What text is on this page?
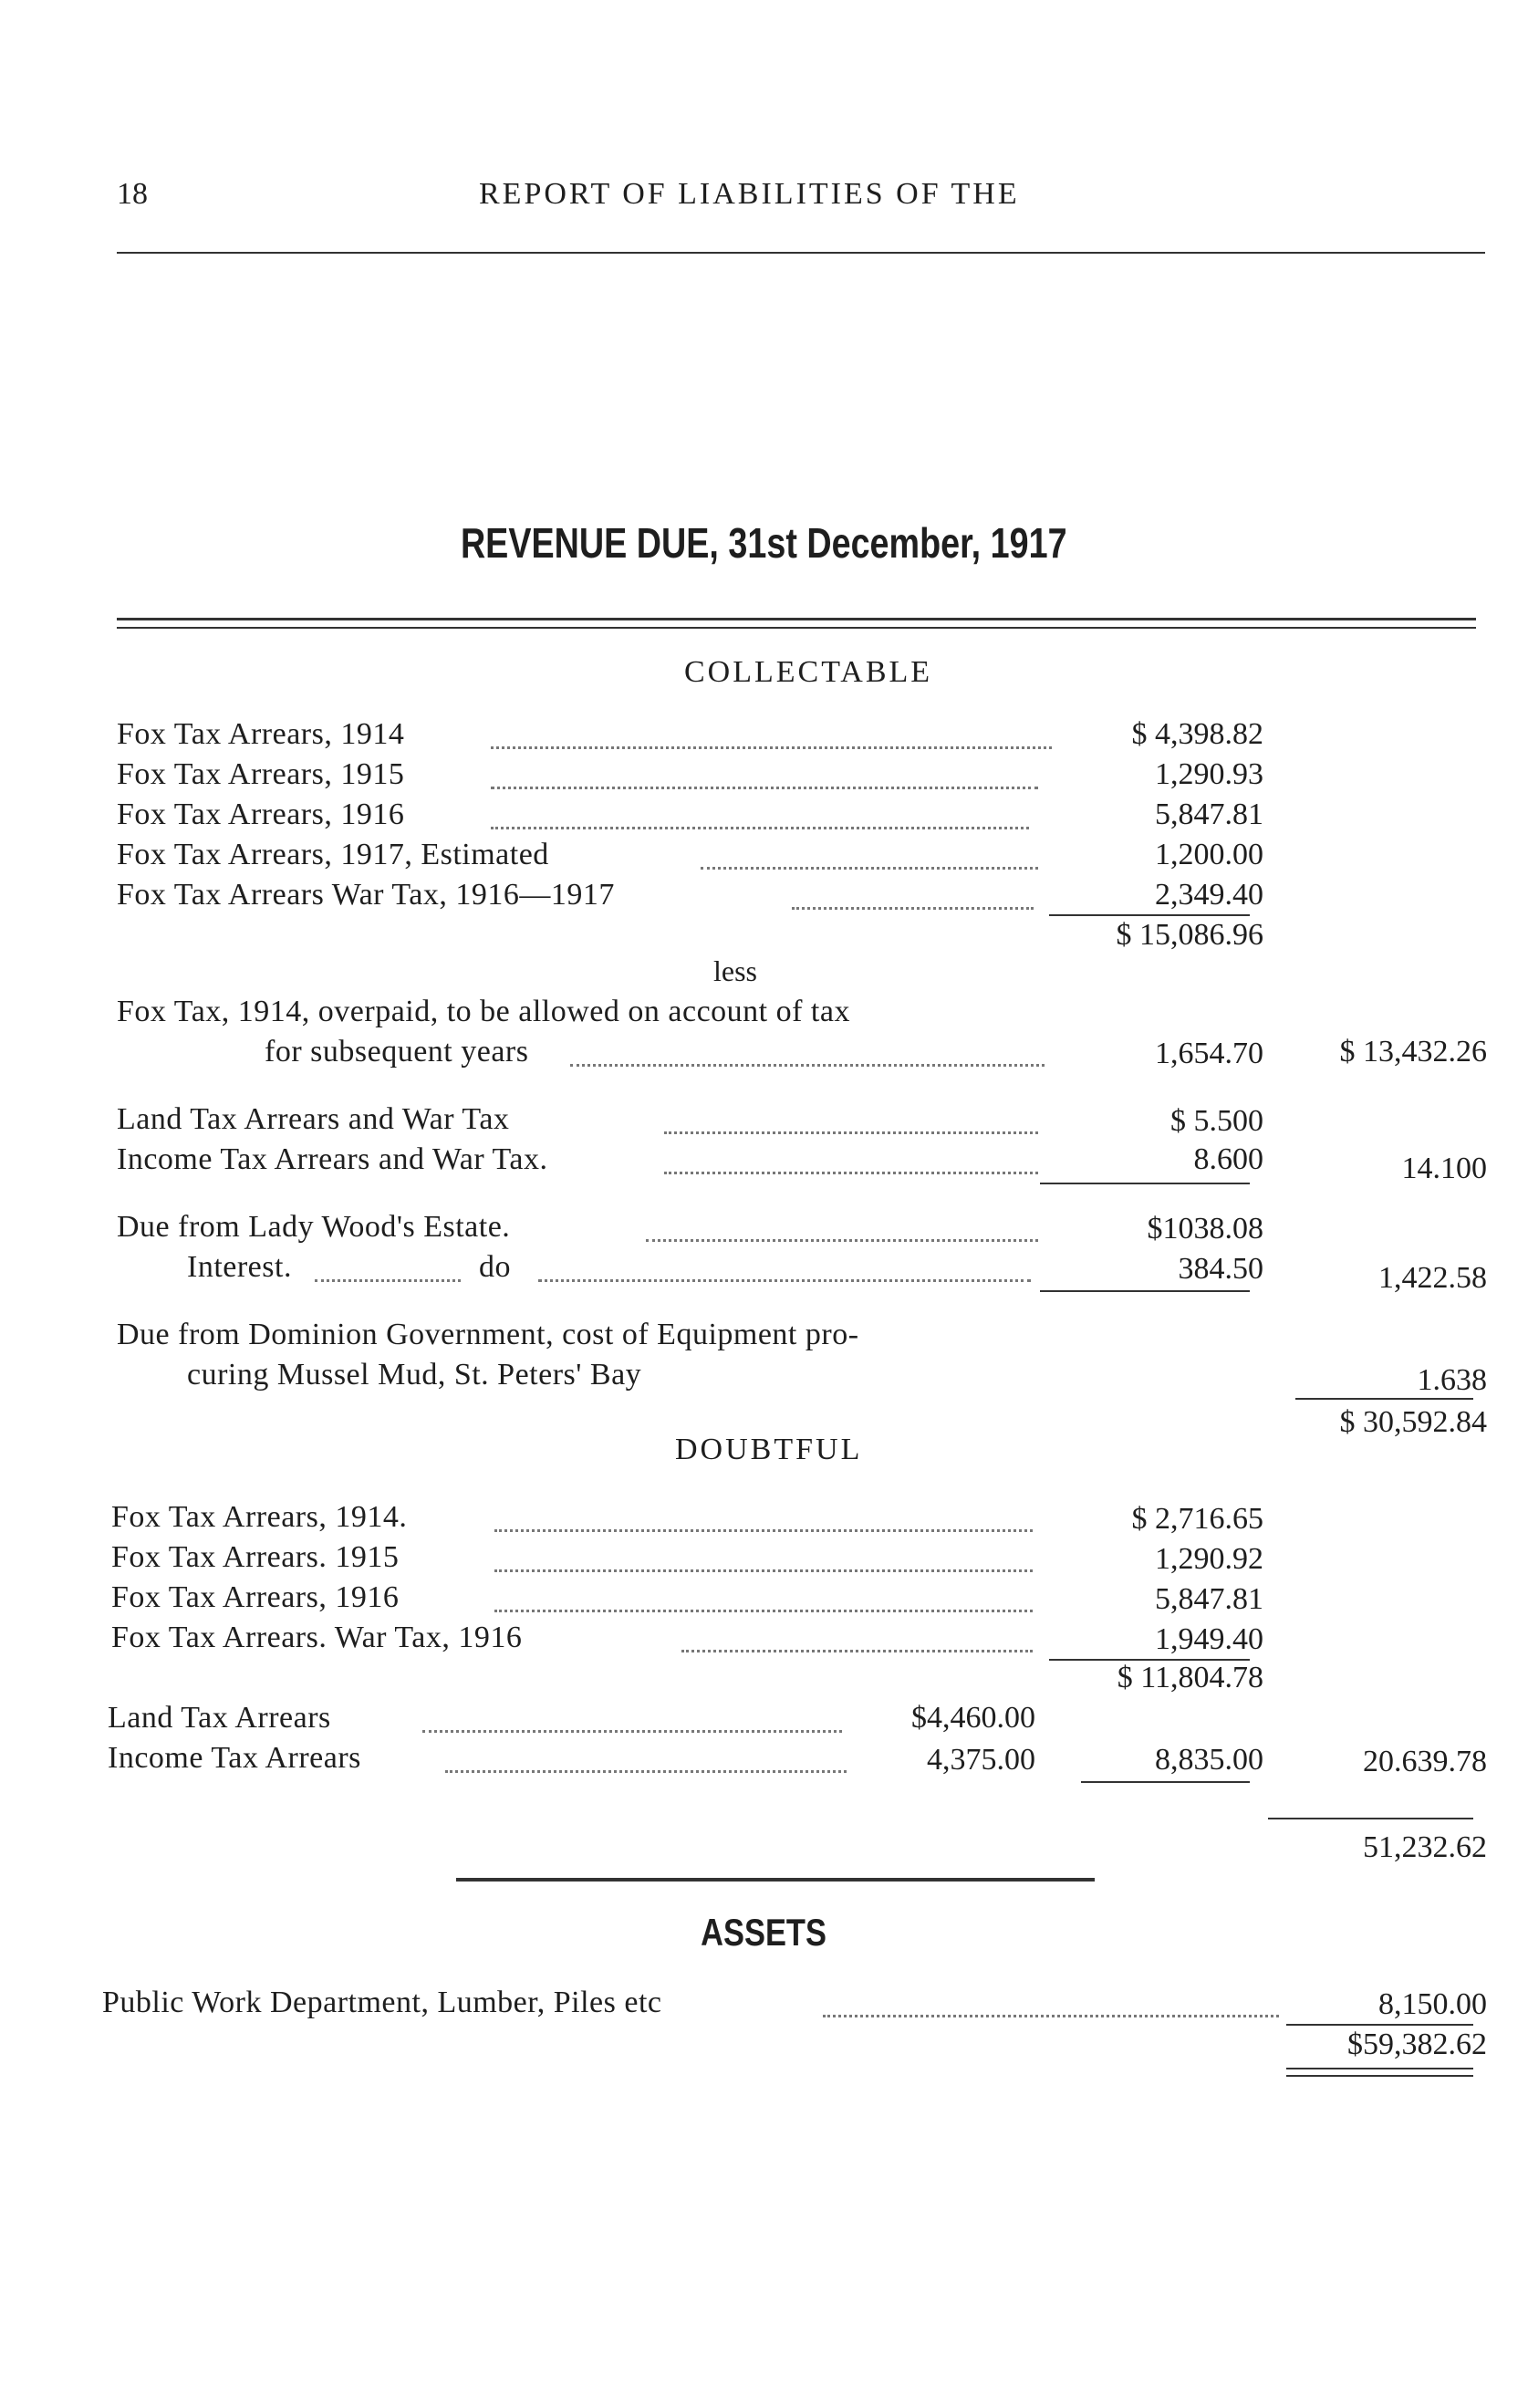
18	REPORT OF LIABILITIES OF THE
REVENUE DUE, 31st December, 1917
COLLECTABLE
Fox Tax Arrears, 1914	$ 4,398.82
Fox Tax Arrears, 1915	1,290.93
Fox Tax Arrears, 1916	5,847.81
Fox Tax Arrears, 1917, Estimated	1,200.00
Fox Tax Arrears War Tax, 1916—1917	2,349.40
$ 15,086.96
less
Fox Tax, 1914, overpaid, to be allowed on account of tax
for subsequent years	1,654.70 $ 13,432.26
Land Tax Arrears and War Tax	$ 5.500
Income Tax Arrears and War Tax.	8.600	14.100
Due from Lady Wood's Estate.	$1038.08
Interest.	do	384.50	1,422.58
Due from Dominion Government, cost of Equipment pro-
curing Mussel Mud, St. Peters' Bay	1.638
$ 30,592.84
DOUBTFUL
Fox Tax Arrears, 1914.	$ 2,716.65
Fox Tax Arrears. 1915	1,290.92
Fox Tax Arrears, 1916	5,847.81
Fox Tax Arrears. War Tax, 1916	1,949.40
$ 11,804.78
Land Tax Arrears	$4,460.00
Income Tax Arrears	4,375.00	8,835.00	20.639.78
51,232.62
ASSETS
Public Work Department, Lumber, Piles etc	8,150.00
$59,382.62
